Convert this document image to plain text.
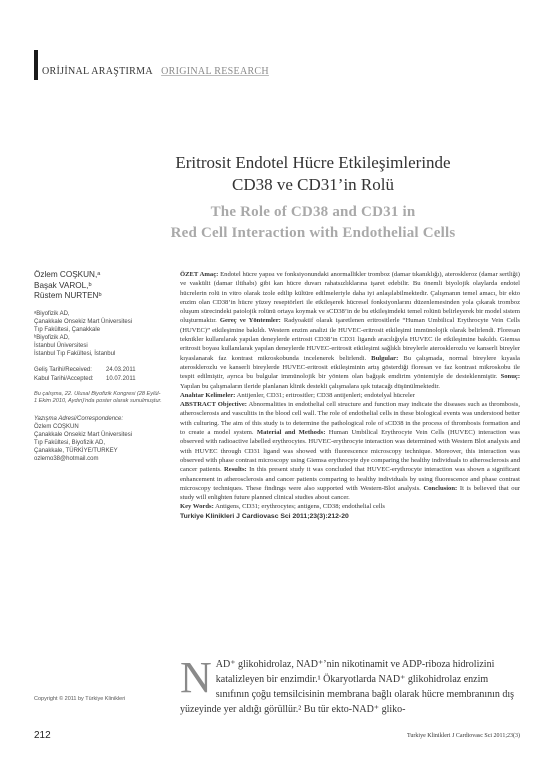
ORİJİNAL ARAŞTIRMA ORIGINAL RESEARCH
Eritrosit Endotel Hücre Etkileşimlerinde
CD38 ve CD31’in Rolü
The Role of CD38 and CD31 in
Red Cell Interaction with Endothelial Cells
Özlem COŞKUN,ᵃ
Başak VAROL,ᵇ
Rüstem NURTENᵇ
ᵃBiyofizik AD,
Çanakkale Onsekiz Mart Üniversitesi
Tıp Fakültesi, Çanakkale
ᵇBiyofizik AD,
İstanbul Üniversitesi
İstanbul Tıp Fakültesi, İstanbul
Geliş Tarihi/Received:	24.03.2011
Kabul Tarihi/Accepted:	10.07.2011
Bu çalışma, 22. Ulusal Biyofizik Kongresi (28 Eylül-1 Ekim 2010, Aydın)'nda poster olarak sunulmuştur.
Yazışma Adresi/Correspondence:
Özlem COŞKUN
Çanakkale Onsekiz Mart Üniversitesi
Tıp Fakültesi, Biyofizik AD,
Çanakkale, TÜRKİYE/TURKEY
ozlemo38@hotmail.com

ÖZET Amaç: Endotel hücre yapısı ve fonksiyonundaki anormallikler tromboz (damar tıkanıklığı), ateroskleroz (damar sertliği) ve vaskülit (damar iltihabı) gibi kan hücre duvarı rahatsızlıklarına işaret edebilir. Bu önemli biyolojik olaylarda endotel hücrelerin rolü in vitro olarak izole edilip kültüre edilmeleriyle daha iyi anlaşılabilmektedir. Çalışmanın temel amacı, bir ekto enzim olan CD38’in hücre yüzey reseptörleri ile etkileşerek hücresel fonksiyonlarını düzenlemesinden yola çıkarak tromboz oluşum sürecindeki patolojik rolünü ortaya koymak ve sCD38’in de bu etkileşimdeki temel rolünü belirleyerek bir model sistem oluşturmaktır. Gereç ve Yöntemler: Radyoaktif olarak işaretlenen eritrositlerle “Human Umbilical Erythrocyte Vein Cells (HUVEC)” etkileşimine bakıldı. Western enzim analizi ile HUVEC-eritrosit etkileşimi immünolojik olarak belirlendi. Floresan teknikler kullanılarak yapılan deneylerde eritrosit CD38’in CD31 ligandı aracılığıyla HUVEC ile etkileşimine bakıldı. Giemsa eritrosit boyası kullanılarak yapılan deneylerde HUVEC-eritrosit etkileşimi sağlıklı bireylerle aterosklerozlu ve kanserli bireyler kıyaslanarak faz kontrast mikroskobunda incelenerek belirlendi. Bulgular: Bu çalışmada, normal bireylere kıyasla aterosklerozlu ve kanserli bireylerde HUVEC-eritrosit etkileşiminin artış gösterdiği floresan ve faz kontrast mikroskobu ile tespit edilmiştir, ayrıca bu bulgular immünolojik bir yöntem olan bağışık emdirim yöntemiyle de desteklenmiştir. Sonuç: Yapılan bu çalışmaların ileride planlanan klinik destekli çalışmalara ışık tutacağı düşünülmektedir.

Anahtar Kelimeler: Antijenler, CD31; eritrositler; CD38 antijenleri; endotelyal hücreler

ABSTRACT Objective: Abnormalities in endothelial cell structure and function may indicate the diseases such as thrombosis, atherosclerosis and vasculitis in the blood cell wall. The role of endothelial cells in these biological events was understood better with culturing. The aim of this study is to determine the pathological role of sCD38 in the process of thrombosis formation and to create a model system. Material and Methods: Human Umbilical Erythrocyte Vein Cells (HUVEC) interaction was observed with radioactive labelled erythrocytes. HUVEC-erythrocyte interaction was determined with Western Blot analysis and with HUVEC through CD31 ligand was showed with fluorescence microscopy technique. Moreover, this interaction was observed with phase contrast microscopy using Giemsa erythrocyte dye comparing the healthy individuals to atherosclerosis and cancer patients. Results: In this present study it was concluded that HUVEC-erythrocyte interaction was shown a significant enhancement in atherosclerosis and cancer patients comparing to healthy individuals by using fluorescence and phase contrast microscopy techniques. These findings were also supported with Western-Blot analysis. Conclusion: It is believed that our study will enlighten future planned clinical studies about cancer.

Key Words: Antigens, CD31; erythrocytes; antigens, CD38; endothelial cells

Turkiye Klinikleri J Cardiovasc Sci 2011;23(3):212-20

N AD⁺ glikohidrolaz, NAD⁺’nin nikotinamit ve ADP-riboza hidrolizini katalizleyen bir enzimdir.¹ Ökaryotlarda NAD⁺ glikohidrolaz enzim sınıfının çoğu temsilcisinin membrana bağlı olarak hücre membranının dış yüzeyinde yer aldığı görüllür.² Bu tür ekto-NAD⁺ gliko-
Copyright © 2011 by Türkiye Klinikleri
212	Turkiye Klinikleri J Cardiovasc Sci 2011;23(3)
